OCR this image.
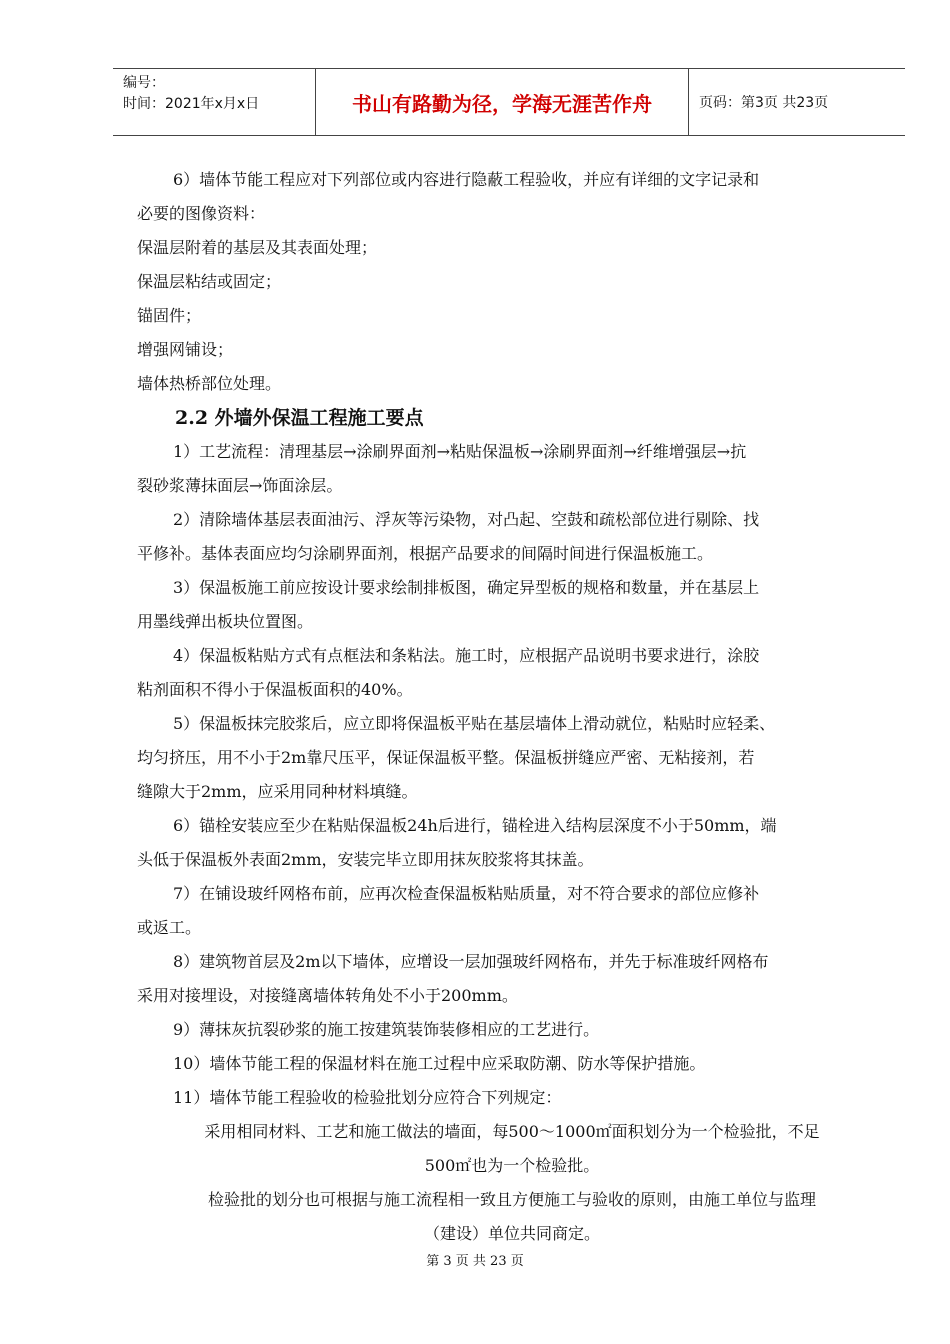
编号：
时间：2021年x月x日	书山有路勤为径，学海无涯苦作舟	页码：第3页 共23页
6）墙体节能工程应对下列部位或内容进行隐蔽工程验收，并应有详细的文字记录和
必要的图像资料：
保温层附着的基层及其表面处理；
保温层粘结或固定；
锚固件；
增强网铺设；
墙体热桥部位处理。
2.2 外墙外保温工程施工要点
1）工艺流程：清理基层→涂刷界面剂→粘贴保温板→涂刷界面剂→纤维增强层→抗
裂砂浆薄抹面层→饰面涂层。
2）清除墙体基层表面油污、浮灰等污染物，对凸起、空鼓和疏松部位进行剔除、找
平修补。基体表面应均匀涂刷界面剂，根据产品要求的间隔时间进行保温板施工。
3）保温板施工前应按设计要求绘制排板图，确定异型板的规格和数量，并在基层上
用墨线弹出板块位置图。
4）保温板粘贴方式有点框法和条粘法。施工时，应根据产品说明书要求进行，涂胶
粘剂面积不得小于保温板面积的40%。
5）保温板抹完胶浆后，应立即将保温板平贴在基层墙体上滑动就位，粘贴时应轻柔、
均匀挤压，用不小于2m靠尺压平，保证保温板平整。保温板拼缝应严密、无粘接剂，若
缝隙大于2mm，应采用同种材料填缝。
6）锚栓安装应至少在粘贴保温板24h后进行，锚栓进入结构层深度不小于50mm，端
头低于保温板外表面2mm，安装完毕立即用抹灰胶浆将其抹盖。
7）在铺设玻纤网格布前，应再次检查保温板粘贴质量，对不符合要求的部位应修补
或返工。
8）建筑物首层及2m以下墙体，应增设一层加强玻纤网格布，并先于标准玻纤网格布
采用对接埋设，对接缝离墙体转角处不小于200mm。
9）薄抹灰抗裂砂浆的施工按建筑装饰装修相应的工艺进行。
10）墙体节能工程的保温材料在施工过程中应采取防潮、防水等保护措施。
11）墙体节能工程验收的检验批划分应符合下列规定：
采用相同材料、工艺和施工做法的墙面，每500～1000㎡面积划分为一个检验批，不足
500㎡也为一个检验批。
检验批的划分也可根据与施工流程相一致且方便施工与验收的原则，由施工单位与监理
（建设）单位共同商定。
第 3 页 共 23 页
